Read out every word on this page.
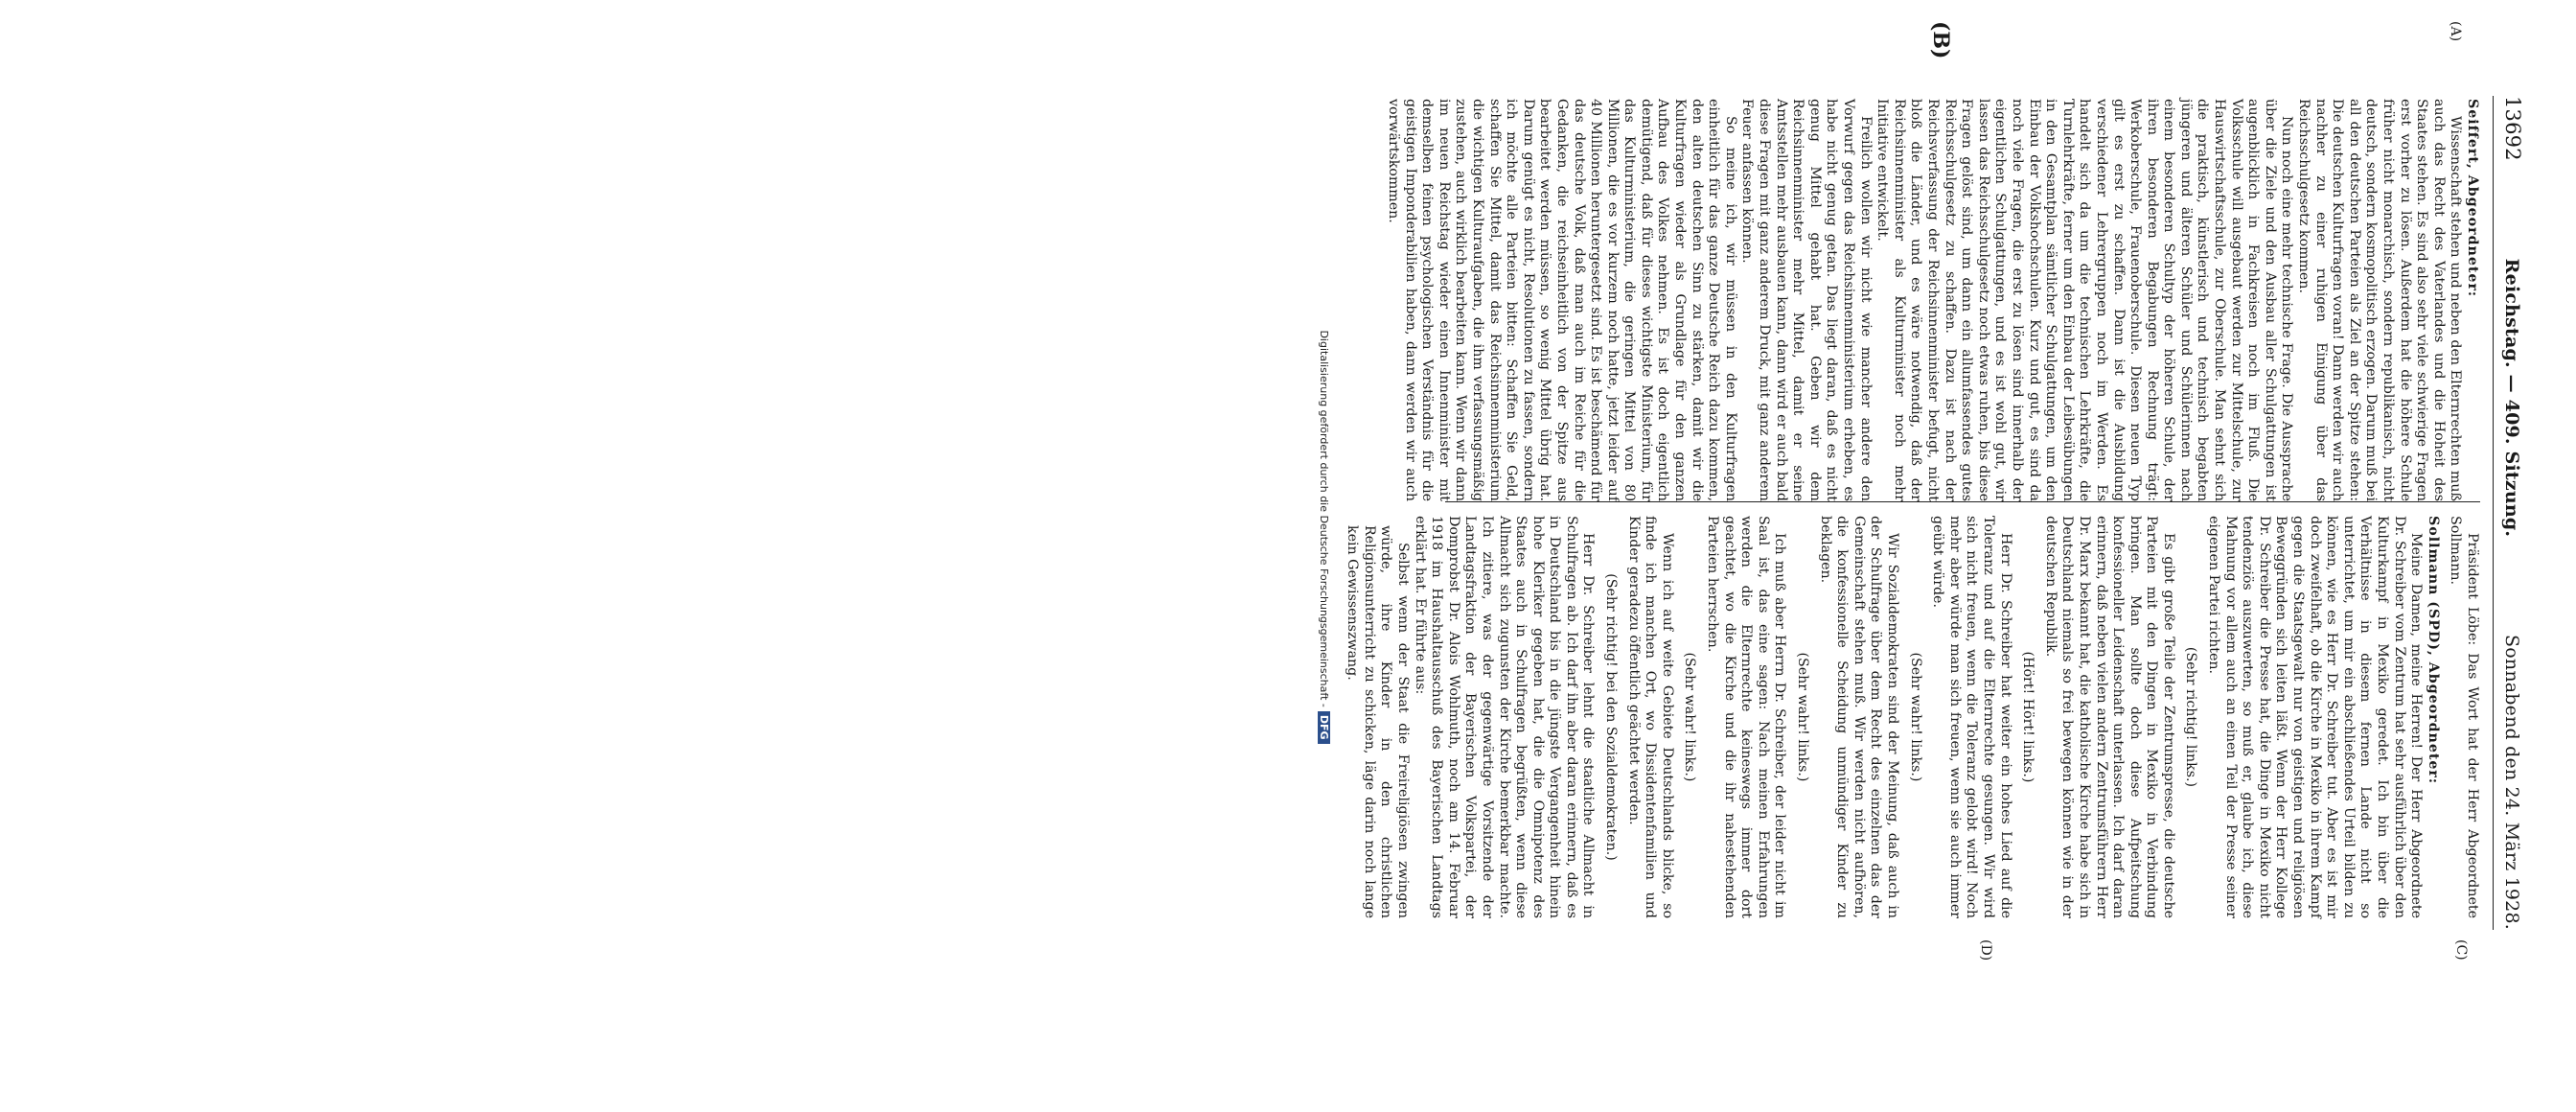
13692
Reichstag. — 409. Sitzung.
Sonnabend den 24. März 1928.
(A)
(B)
(C)
(D)

Seiffert, Abgeordneter:

Wissenschaft stehen und neben den Elternrechten muß auch das Recht des Vaterlandes und die Hoheit des Staates stehen. Es sind also sehr viele schwierige Fragen erst vorher zu lösen. Außerdem hat die höhere Schule früher nicht monarchisch, sondern republikanisch, nicht deutsch, sondern kosmopolitisch erzogen. Darum muß bei all den deutschen Parteien als Ziel an der Spitze stehen: Die deutschen Kulturfragen voran! Dann werden wir auch nachher zu einer ruhigen Einigung über das Reichsschulgesetz kommen.

Nun noch eine mehr technische Frage. Die Aussprache über die Ziele und den Ausbau aller Schulgattungen ist augenblicklich in Fachkreisen noch im Fluß. Die Volksschule will ausgebaut werden zur Mittelschule, zur Hauswirtschaftsschule, zur Oberschule. Man sehnt sich die praktisch, künstlerisch und technisch begabten jüngeren und älteren Schüler und Schülerinnen nach einem besonderen Schultyp der höheren Schule, der ihren besonderen Begabungen Rechnung trägt: Werkoberschule, Frauenoberschule. Diesen neuen Typ gilt es erst zu schaffen. Dann ist die Ausbildung verschiedener Lehrergruppen noch im Werden. Es handelt sich da um die technischen Lehrkräfte, die Turnlehrkräfte, ferner um den Einbau der Leibesübungen in den Gesamtplan sämtlicher Schulgattungen, um den Einbau der Volkshochschulen. Kurz und gut, es sind da noch viele Fragen, die erst zu lösen sind innerhalb der eigentlichen Schulgattungen, und es ist wohl gut, wir lassen das Reichsschulgesetz noch etwas ruhen, bis diese Fragen gelöst sind, um dann ein allumfassendes gutes Reichsschulgesetz zu schaffen. Dazu ist nach der Reichsverfassung der Reichsinnenminister befugt, nicht bloß die Länder, und es wäre notwendig, daß der Reichsinnenminister als Kulturminister noch mehr Initiative entwickelt.

Freilich wollen wir nicht wie mancher andere den Vorwurf gegen das Reichsinnenministerium erheben, es habe nicht genug getan. Das liegt daran, daß es nicht genug Mittel gehabt hat. Geben wir dem Reichsinnenminister mehr Mittel, damit er seine Amtsstellen mehr ausbauen kann, dann wird er auch bald diese Fragen mit ganz anderem Druck, mit ganz anderem Feuer anfassen können.

So meine ich, wir müssen in den Kulturfragen einheitlich für das ganze Deutsche Reich dazu kommen, den alten deutschen Sinn zu stärken, damit wir die Kulturfragen wieder als Grundlage für den ganzen Aufbau des Volkes nehmen. Es ist doch eigentlich demütigend, daß für dieses wichtigste Ministerium, für das Kulturministerium, die geringen Mittel von 80 Millionen, die es vor kurzem noch hatte, jetzt leider auf 40 Millionen heruntergesetzt sind. Es ist beschämend für das deutsche Volk, daß man auch im Reiche für die Gedanken, die reichseinheitlich von der Spitze aus bearbeitet werden müssen, so wenig Mittel übrig hat. Darum genügt es nicht, Resolutionen zu fassen, sondern ich möchte alle Parteien bitten: Schaffen Sie Geld, schaffen Sie Mittel, damit das Reichsinnenministerium die wichtigen Kulturaufgaben, die ihm verfassungsmäßig zustehen, auch wirklich bearbeiten kann. Wenn wir dann im neuen Reichstag wieder einen Innenminister mit demselben feinen psychologischen Verständnis für die geistigen Imponderabilien haben, dann werden wir auch vorwärtskommen.

Präsident Löbe: Das Wort hat der Herr Abgeordnete Sollmann.

Sollmann (SPD), Abgeordneter:

Meine Damen, meine Herren! Der Herr Abgeordnete Dr. Schreiber vom Zentrum hat sehr ausführlich über den Kulturkampf in Mexiko geredet. Ich bin über die Verhältnisse in diesem fernen Lande nicht so unterrichtet, um mir ein abschließendes Urteil bilden zu können, wie es Herr Dr. Schreiber tut. Aber es ist mir doch zweifelhaft, ob die Kirche in Mexiko in ihrem Kampf gegen die Staatsgewalt nur von geistigen und religiösen Beweggründen sich leiten läßt. Wenn der Herr Kollege Dr. Schreiber die Presse hat, die Dinge in Mexiko nicht tendenziös auszuwerten, so muß er, glaube ich, diese Mahnung vor allem auch an einen Teil der Presse seiner eigenen Partei richten.

(Sehr richtig! links.)

Es gibt große Teile der Zentrumspresse, die deutsche Parteien mit den Dingen in Mexiko in Verbindung bringen. Man sollte doch diese Aufpeitschung konfessioneller Leidenschaft unterlassen. Ich darf daran erinnern, daß neben vielen andern Zentrumsführern Herr Dr. Marx bekannt hat, die katholische Kirche habe sich in Deutschland niemals so frei bewegen können wie in der deutschen Republik.

(Hört! Hört! links.)

Herr Dr. Schreiber hat weiter ein hohes Lied auf die Toleranz und auf die Elternrechte gesungen. Wir wird sich nicht freuen, wenn die Toleranz gelobt wird! Noch mehr aber würde man sich freuen, wenn sie auch immer geübt würde.

(Sehr wahr! links.)

Wir Sozialdemokraten sind der Meinung, daß auch in der Schulfrage über dem Recht des einzelnen das der Gemeinschaft stehen muß. Wir werden nicht aufhören, die konfessionelle Scheidung unmündiger Kinder zu beklagen.

(Sehr wahr! links.)

Ich muß aber Herrn Dr. Schreiber, der leider nicht im Saal ist, das eine sagen: Nach meinen Erfahrungen werden die Elternrechte keineswegs immer dort geachtet, wo die Kirche und die ihr nahestehenden Parteien herrschen.

(Sehr wahr! links.)

Wenn ich auf weite Gebiete Deutschlands blicke, so finde ich manchen Ort, wo Dissidentenfamilien und Kinder geradezu öffentlich geächtet werden.

(Sehr richtig! bei den Sozialdemokraten.)

Herr Dr. Schreiber lehnt die staatliche Allmacht in Schulfragen ab. Ich darf ihn aber daran erinnern, daß es in Deutschland bis in die jüngste Vergangenheit hinein hohe Kleriker gegeben hat, die die Omnipotenz des Staates auch in Schulfragen begrüßten, wenn diese Allmacht sich zugunsten der Kirche bemerkbar machte. Ich zitiere, was der gegenwärtige Vorsitzende der Landtagsfraktion der Bayerischen Volkspartei, der Domprobst Dr. Alois Wohlmuth, noch am 14. Februar 1918 im Haushaltausschuß des Bayerischen Landtags erklärt hat. Er führte aus:

Selbst wenn der Staat die Freireligiösen zwingen würde, ihre Kinder in den christlichen Religionsunterricht zu schicken, läge darin noch lange kein Gewissenszwang.

Digitalisierung gefördert durch die Deutsche Forschungsgemeinschaft -DFG
